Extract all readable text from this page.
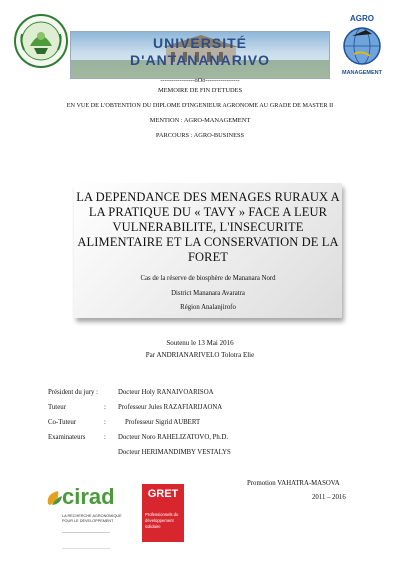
UNIVERSITÉ
D'ANTANANARIVO
AGRO
MANAGEMENT
----------------oOo----------------
MEMOIRE DE FIN D'ETUDES
EN VUE DE L'OBTENTION DU DIPLOME D'INGENIEUR AGRONOME AU GRADE DE MASTER II
MENTION : AGRO-MANAGEMENT
PARCOURS : AGRO-BUSINESS
LA DEPENDANCE DES MENAGES RURAUX A LA PRATIQUE DU « TAVY » FACE A LEUR VULNERABILITE, L'INSECURITE ALIMENTAIRE ET LA CONSERVATION DE LA FORET
Cas de la réserve de biosphère de Mananara Nord
District Mananara Avaratra
Région Analanjirofo
Soutenu le 13 Mai 2016
Par ANDRIANARIVELO Tolotra Elie
Président du jury :	Docteur Holy RANAIVOARISOA
Tuteur	: Professeur Jules RAZAFIARIJAONA
Co-Tuteur	:	Professeur Sigrid AUBERT
Examinateurs	: Docteur Noro RAHELIZATOVO, Ph.D.
Docteur HERIMANDIMBY VESTALYS
Promotion VAHATRA-MASOVA
2011 – 2016
cirad
LA RECHERCHE AGRONOMIQUE
POUR LE DÉVELOPPEMENT
GRET
Professionnels du
développement
solidaire
